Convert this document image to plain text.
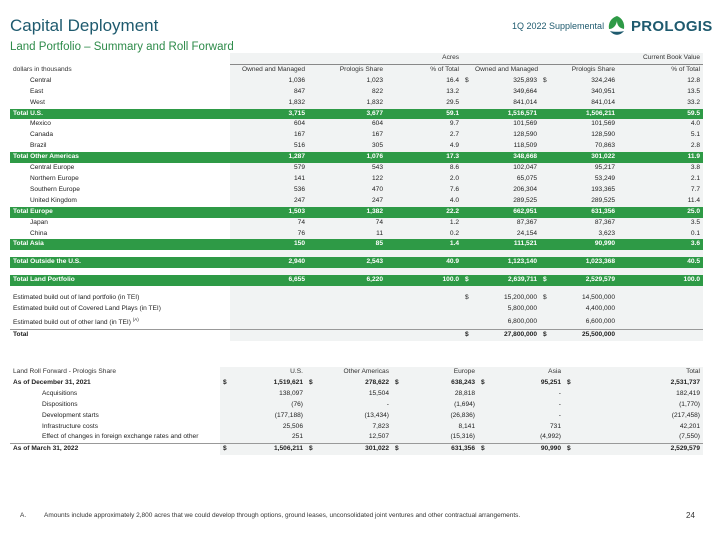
Capital Deployment
Land Portfolio – Summary and Roll Forward
1Q 2022 Supplemental PROLOGIS
	Acres			Current Book Value				
dollars in thousands	Owned and Managed	Prologis Share	% of Total		Owned and Managed		Prologis Share	% of Total
Central	1,036	1,023	16.4	$	325,893	$	324,246	12.8
East	847	822	13.2		349,664		340,951	13.5
West	1,832	1,832	29.5		841,014		841,014	33.2
Total U.S.	3,715	3,677	59.1		1,516,571		1,506,211	59.5
Mexico	604	604	9.7		101,569		101,569	4.0
Canada	167	167	2.7		128,590		128,590	5.1
Brazil	516	305	4.9		118,509		70,863	2.8
Total Other Americas	1,287	1,076	17.3		348,668		301,022	11.9
Central Europe	579	543	8.6		102,047		95,217	3.8
Northern Europe	141	122	2.0		65,075		53,249	2.1
Southern Europe	536	470	7.6		206,304		193,365	7.7
United Kingdom	247	247	4.0		289,525		289,525	11.4
Total Europe	1,503	1,382	22.2		662,951		631,356	25.0
Japan	74	74	1.2		87,367		87,367	3.5
China	76	11	0.2		24,154		3,623	0.1
Total Asia	150	85	1.4		111,521		90,990	3.6

Total Outside the U.S.	2,940	2,543	40.9		1,123,140		1,023,368	40.5

Total Land Portfolio	6,655	6,220	100.0	$	2,639,711	$	2,529,579	100.0

Estimated build out of land portfolio (in TEI)				$	15,200,000	$	14,500,000	
Estimated build out of Covered Land Plays (in TEI)					5,800,000		4,400,000	
Estimated build out of other land (in TEI) $^{(A)}$					6,800,000		6,600,000	
Total				$	27,800,000	$	25,500,000	
Land Roll Forward - Prologis Share		U.S.		Other Americas		Europe		Asia		Total
As of December 31, 2021	$	1,519,621	$	278,622	$	638,243	$	95,251	$	2,531,737
Acquisitions		138,097		15,504		28,818		-		182,419
Dispositions		(76)		-		(1,694)		-		(1,770)
Development starts		(177,188)		(13,434)		(26,836)		-		(217,458)
Infrastructure costs		25,506		7,823		8,141		731		42,201
Effect of changes in foreign exchange rates and other		251		12,507		(15,316)		(4,992)		(7,550)
As of March 31, 2022	$	1,506,211	$	301,022	$	631,356	$	90,990	$	2,529,579
A.	Amounts include approximately 2,800 acres that we could develop through options, ground leases, unconsolidated joint ventures and other contractual arrangements.	24
